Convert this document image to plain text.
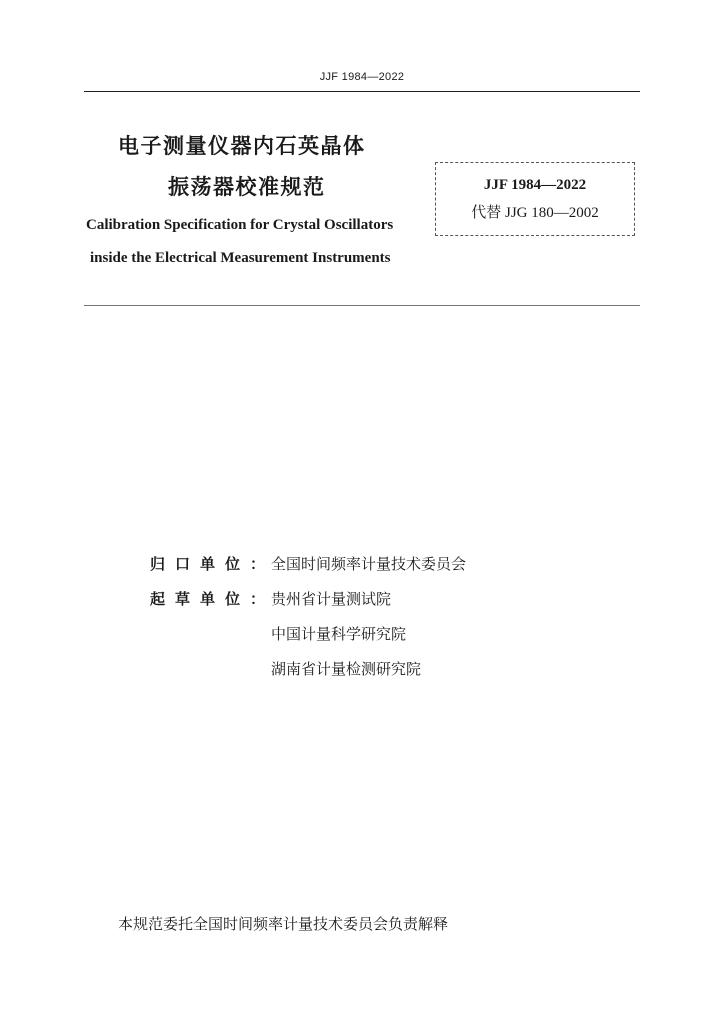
JJF 1984—2022
电子测量仪器内石英晶体
振荡器校准规范	JJF 1984—2022
代替 JJG 180—2002
Calibration Specification for Crystal Oscillators
inside the Electrical Measurement Instruments
归口单位：
全国时间频率计量技术委员会
起草单位：
贵州省计量测试院
中国计量科学研究院
湖南省计量检测研究院
本规范委托全国时间频率计量技术委员会负责解释
